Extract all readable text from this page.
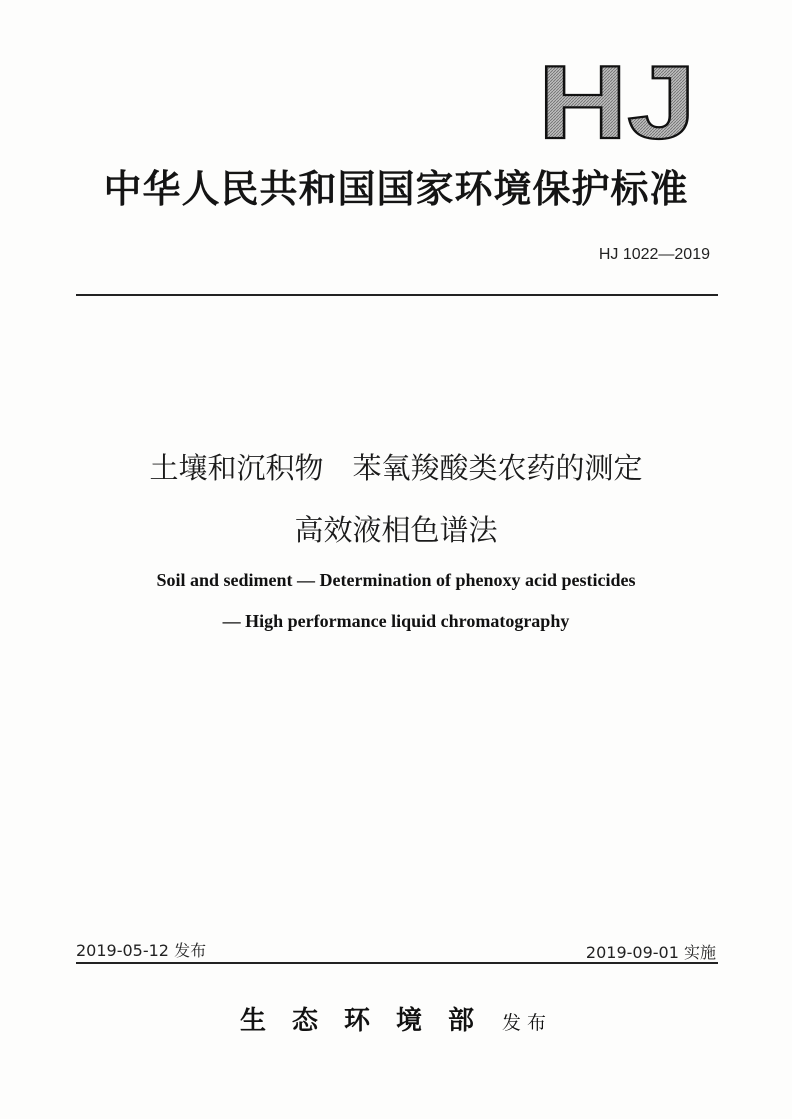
HJ
中华人民共和国国家环境保护标准
HJ 1022—2019
土壤和沉积物　苯氧羧酸类农药的测定
高效液相色谱法
Soil and sediment — Determination of phenoxy acid pesticides
— High performance liquid chromatography
2019-05-12 发布	2019-09-01 实施
生态环境部 发布
